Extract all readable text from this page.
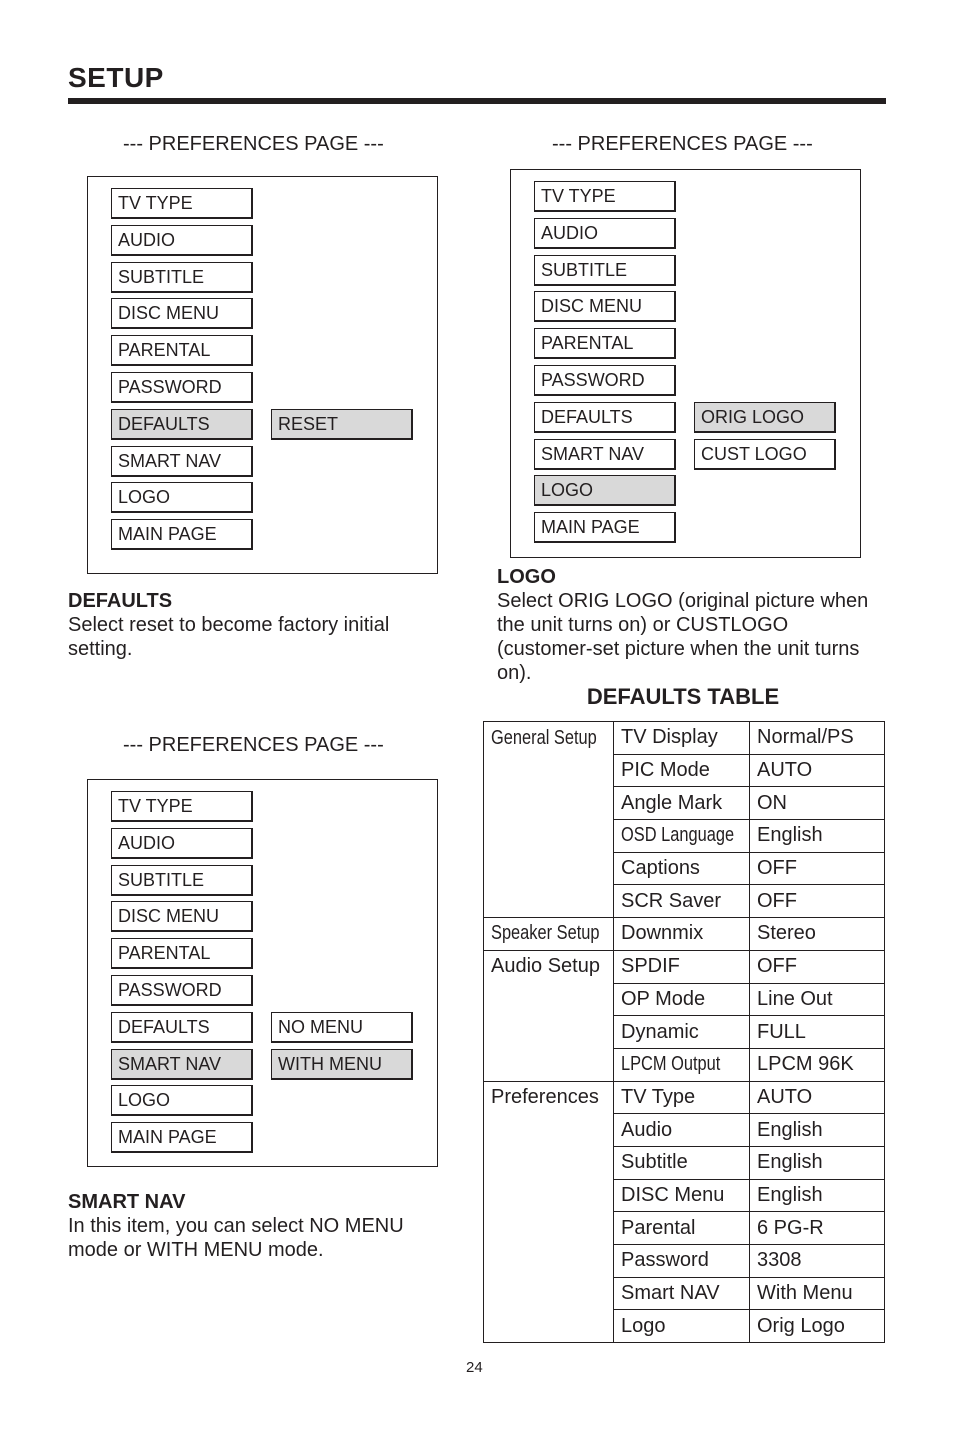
SETUP
--- PREFERENCES PAGE ---
TV TYPE
AUDIO
SUBTITLE
DISC MENU
PARENTAL
PASSWORD
DEFAULTS
SMART NAV
LOGO
MAIN PAGE
RESET
--- PREFERENCES PAGE ---
TV TYPE
AUDIO
SUBTITLE
DISC MENU
PARENTAL
PASSWORD
DEFAULTS
SMART NAV
LOGO
MAIN PAGE
ORIG LOGO
CUST LOGO
--- PREFERENCES PAGE ---
TV TYPE
AUDIO
SUBTITLE
DISC MENU
PARENTAL
PASSWORD
DEFAULTS
SMART NAV
LOGO
MAIN PAGE
NO MENU
WITH MENU
DEFAULTS
Select reset to become factory initial setting.
LOGO
Select ORIG LOGO (original picture when the unit turns on) or CUSTLOGO (customer-set picture when the unit turns on).
SMART NAV
In this item, you can select NO MENU mode or WITH MENU mode.
DEFAULTS TABLE
General Setup	TV Display	Normal/PS
	PIC Mode	AUTO
	Angle Mark	ON
	OSD Language	English
	Captions	OFF
	SCR Saver	OFF
Speaker Setup	Downmix	Stereo
Audio Setup	SPDIF	OFF
	OP Mode	Line Out
	Dynamic	FULL
	LPCM Output	LPCM 96K
Preferences	TV Type	AUTO
	Audio	English
	Subtitle	English
	DISC Menu	English
	Parental	6 PG-R
	Password	3308
	Smart NAV	With Menu
	Logo	Orig Logo
24
